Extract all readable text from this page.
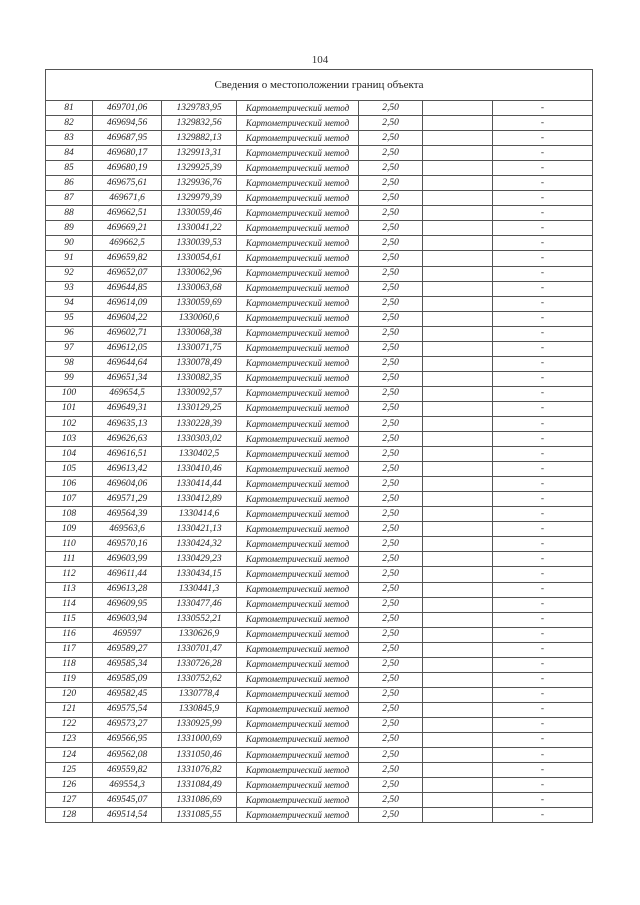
104
Сведения о местоположении границ объекта						
81	469701,06	1329783,95	Картометрический метод	2,50		-
82	469694,56	1329832,56	Картометрический метод	2,50		-
83	469687,95	1329882,13	Картометрический метод	2,50		-
84	469680,17	1329913,31	Картометрический метод	2,50		-
85	469680,19	1329925,39	Картометрический метод	2,50		-
86	469675,61	1329936,76	Картометрический метод	2,50		-
87	469671,6	1329979,39	Картометрический метод	2,50		-
88	469662,51	1330059,46	Картометрический метод	2,50		-
89	469669,21	1330041,22	Картометрический метод	2,50		-
90	469662,5	1330039,53	Картометрический метод	2,50		-
91	469659,82	1330054,61	Картометрический метод	2,50		-
92	469652,07	1330062,96	Картометрический метод	2,50		-
93	469644,85	1330063,68	Картометрический метод	2,50		-
94	469614,09	1330059,69	Картометрический метод	2,50		-
95	469604,22	1330060,6	Картометрический метод	2,50		-
96	469602,71	1330068,38	Картометрический метод	2,50		-
97	469612,05	1330071,75	Картометрический метод	2,50		-
98	469644,64	1330078,49	Картометрический метод	2,50		-
99	469651,34	1330082,35	Картометрический метод	2,50		-
100	469654,5	1330092,57	Картометрический метод	2,50		-
101	469649,31	1330129,25	Картометрический метод	2,50		-
102	469635,13	1330228,39	Картометрический метод	2,50		-
103	469626,63	1330303,02	Картометрический метод	2,50		-
104	469616,51	1330402,5	Картометрический метод	2,50		-
105	469613,42	1330410,46	Картометрический метод	2,50		-
106	469604,06	1330414,44	Картометрический метод	2,50		-
107	469571,29	1330412,89	Картометрический метод	2,50		-
108	469564,39	1330414,6	Картометрический метод	2,50		-
109	469563,6	1330421,13	Картометрический метод	2,50		-
110	469570,16	1330424,32	Картометрический метод	2,50		-
111	469603,99	1330429,23	Картометрический метод	2,50		-
112	469611,44	1330434,15	Картометрический метод	2,50		-
113	469613,28	1330441,3	Картометрический метод	2,50		-
114	469609,95	1330477,46	Картометрический метод	2,50		-
115	469603,94	1330552,21	Картометрический метод	2,50		-
116	469597	1330626,9	Картометрический метод	2,50		-
117	469589,27	1330701,47	Картометрический метод	2,50		-
118	469585,34	1330726,28	Картометрический метод	2,50		-
119	469585,09	1330752,62	Картометрический метод	2,50		-
120	469582,45	1330778,4	Картометрический метод	2,50		-
121	469575,54	1330845,9	Картометрический метод	2,50		-
122	469573,27	1330925,99	Картометрический метод	2,50		-
123	469566,95	1331000,69	Картометрический метод	2,50		-
124	469562,08	1331050,46	Картометрический метод	2,50		-
125	469559,82	1331076,82	Картометрический метод	2,50		-
126	469554,3	1331084,49	Картометрический метод	2,50		-
127	469545,07	1331086,69	Картометрический метод	2,50		-
128	469514,54	1331085,55	Картометрический метод	2,50		-
